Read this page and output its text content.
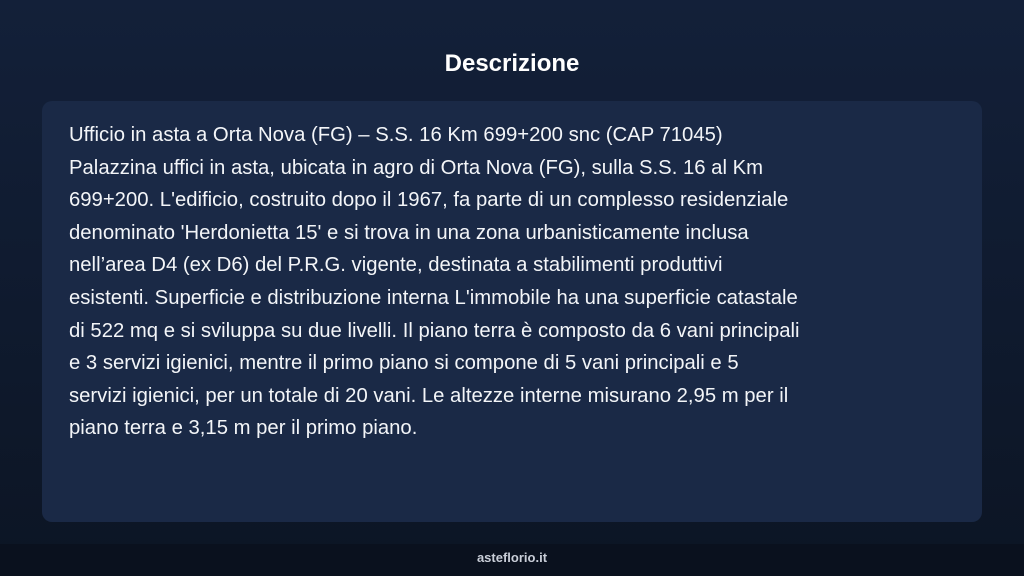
Descrizione

Ufficio in asta a Orta Nova (FG) – S.S. 16 Km 699+200 snc (CAP 71045)
Palazzina uffici in asta, ubicata in agro di Orta Nova (FG), sulla S.S. 16 al Km
699+200. L'edificio, costruito dopo il 1967, fa parte di un complesso residenziale
denominato 'Herdonietta 15' e si trova in una zona urbanisticamente inclusa
nell’area D4 (ex D6) del P.R.G. vigente, destinata a stabilimenti produttivi
esistenti. Superficie e distribuzione interna L'immobile ha una superficie catastale
di 522 mq e si sviluppa su due livelli. Il piano terra è composto da 6 vani principali
e 3 servizi igienici, mentre il primo piano si compone di 5 vani principali e 5
servizi igienici, per un totale di 20 vani. Le altezze interne misurano 2,95 m per il
piano terra e 3,15 m per il primo piano.

asteflorio.it
